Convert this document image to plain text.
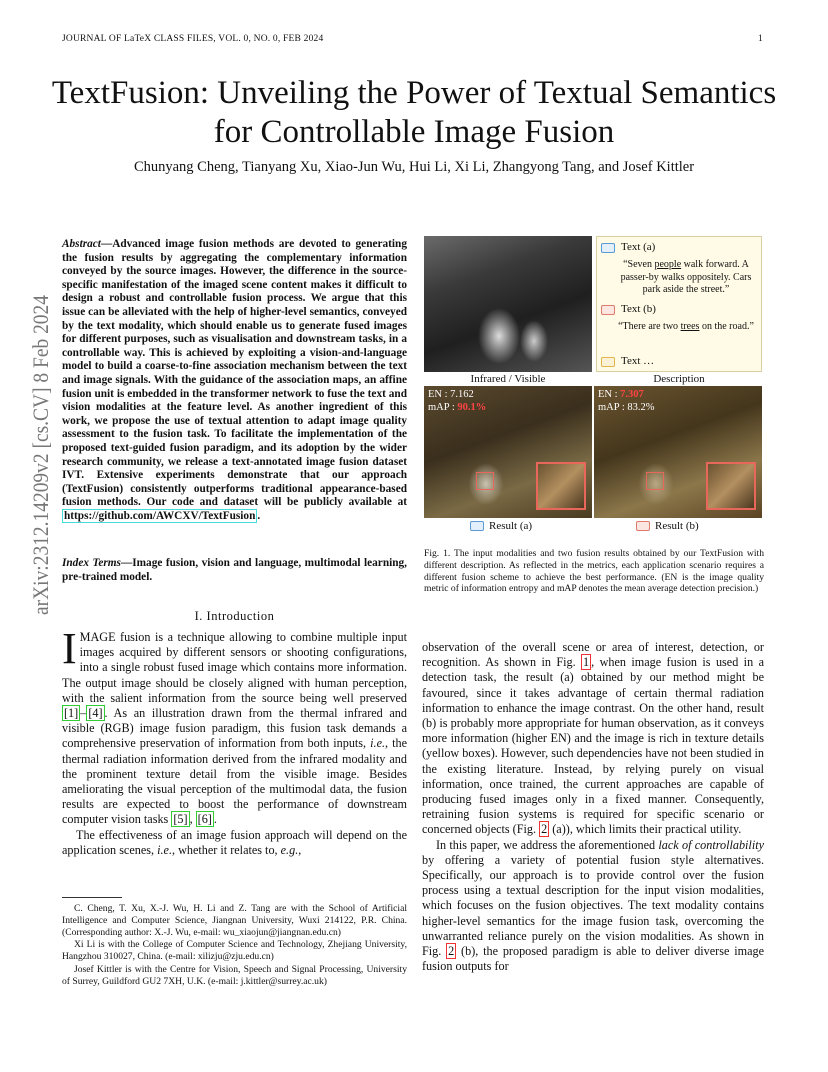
JOURNAL OF LaTeX CLASS FILES, VOL. 0, NO. 0, FEB 2024	1
arXiv:2312.14209v2 [cs.CV] 8 Feb 2024
TextFusion: Unveiling the Power of Textual Semantics for Controllable Image Fusion
Chunyang Cheng, Tianyang Xu, Xiao-Jun Wu, Hui Li, Xi Li, Zhangyong Tang, and Josef Kittler
Abstract—Advanced image fusion methods are devoted to generating the fusion results by aggregating the complementary information conveyed by the source images. However, the difference in the source-specific manifestation of the imaged scene content makes it difficult to design a robust and controllable fusion process. We argue that this issue can be alleviated with the help of higher-level semantics, conveyed by the text modality, which should enable us to generate fused images for different purposes, such as visualisation and downstream tasks, in a controllable way. This is achieved by exploiting a vision-and-language model to build a coarse-to-fine association mechanism between the text and image signals. With the guidance of the association maps, an affine fusion unit is embedded in the transformer network to fuse the text and vision modalities at the feature level. As another ingredient of this work, we propose the use of textual attention to adapt image quality assessment to the fusion task. To facilitate the implementation of the proposed text-guided fusion paradigm, and its adoption by the wider research community, we release a text-annotated image fusion dataset IVT. Extensive experiments demonstrate that our approach (TextFusion) consistently outperforms traditional appearance-based fusion methods. Our code and dataset will be publicly available at https://github.com/AWCXV/TextFusion .
Index Terms—Image fusion, vision and language, multimodal learning, pre-trained model.
I. Introduction

IMAGE fusion is a technique allowing to combine multiple input images acquired by different sensors or shooting configurations, into a single robust fused image which contains more information. The output image should be closely aligned with human perception, with the salient information from the source being well preserved [1] – [4] . As an illustration drawn from the thermal infrared and visible (RGB) image fusion paradigm, this fusion task demands a comprehensive preservation of information from both inputs, i.e., the thermal radiation information derived from the infrared modality and the prominent texture detail from the visible image. Besides ameliorating the visual perception of the multimodal data, the fusion results are expected to boost the performance of downstream computer vision tasks [5] , [6] .

The effectiveness of an image fusion approach will depend on the application scenes, i.e., whether it relates to, e.g.,

C. Cheng, T. Xu, X.-J. Wu, H. Li and Z. Tang are with the School of Artificial Intelligence and Computer Science, Jiangnan University, Wuxi 214122, P.R. China. (Corresponding author: X.-J. Wu, e-mail: wu_xiaojun@jiangnan.edu.cn)

Xi Li is with the College of Computer Science and Technology, Zhejiang University, Hangzhou 310027, China. (e-mail: xilizju@zju.edu.cn)

Josef Kittler is with the Centre for Vision, Speech and Signal Processing, University of Surrey, Guildford GU2 7XH, U.K. (e-mail: j.kittler@surrey.ac.uk)

Text (a)
“Seven people walk forward. A passer-by walks oppositely. Cars park aside the street.”
Text (b)
“There are two trees on the road.”
Text …
Infrared / Visible	Description
EN : 7.162
mAP : 90.1%
EN : 7.307
mAP : 83.2%
Result (a)	Result (b)
Fig. 1. The input modalities and two fusion results obtained by our TextFusion with different description. As reflected in the metrics, each application scenario requires a different fusion scheme to achieve the best performance. (EN is the image quality metric of information entropy and mAP denotes the mean average detection precision.)

observation of the overall scene or area of interest, detection, or recognition. As shown in Fig. 1 , when image fusion is used in a detection task, the result (a) obtained by our method might be favoured, since it takes advantage of certain thermal radiation information to enhance the image contrast. On the other hand, result (b) is probably more appropriate for human observation, as it conveys more information (higher EN) and the image is rich in texture details (yellow boxes). However, such dependencies have not been studied in the existing literature. Instead, by relying purely on visual information, once trained, the current approaches are capable of producing fused images only in a fixed manner. Consequently, retraining fusion systems is required for specific scenario or concerned objects (Fig. 2 (a)), which limits their practical utility.

In this paper, we address the aforementioned lack of controllability by offering a variety of potential fusion style alternatives. Specifically, our approach is to provide control over the fusion process using a textual description for the input vision modalities, which focuses on the fusion objectives. The text modality contains higher-level semantics for the image fusion task, overcoming the unwarranted reliance purely on the vision modalities. As shown in Fig. 2 (b), the proposed paradigm is able to deliver diverse image fusion outputs for
